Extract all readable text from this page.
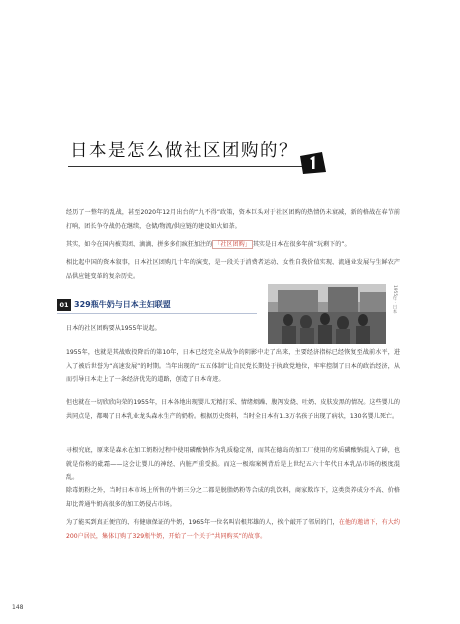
日本是怎么做社区团购的？

经历了一整年的乱战，甚至2020年12月出台的“九不得”政策，资本巨头对于社区团购的热情仍未衰减，新的格战在春节前打响，团长争夺战仍在继续，仓储/物流/供应链的建设如火如荼。

其实，如今在国内被美团、滴滴、拼多多们疯狂加注的 「社区团购」 其实是日本在很多年前“玩剩下的”。

相比起中国的资本叙事，日本社区团购几十年的演变，是一段关于消费者运动、女性自我价值实现、流通业发展与生鲜农产品供应链变革的复杂历史。

01 329瓶牛奶与日本主妇联盟	1955年 · 日本

日本的社区团购要从1955年说起。

1955年，也就是其战败投降后的第10年，日本已经完全从战争的阴影中走了出来，主要经济指标已经恢复至战前水平，进入了被后世誉为“高速发展”的时期。当年出现的“五五体制”让自民党长期处于执政党地位，牢牢控制了日本的政治经济，从而引导日本走上了一条经济优先的道路，创造了日本奇迹。

但也就在一切欣欣向荣的1955年，日本各地出现婴儿无精打采、情绪烦躁、腹泻发烧、吐奶、皮肤发黑的情况。这些婴儿的共同点是，都喝了日本乳业龙头森永生产的奶粉。根据历史资料，当时全日本有1.3万名孩子出现了病状，130名婴儿死亡。

寻根究底，原来是森永在加工奶粉过程中使用磷酸钠作为乳质稳定剂，而其在德岛的加工厂使用的劣质磷酸钠混入了砷，也就是俗称的砒霜——这会让婴儿的神经、内脏严重受损。而这一极端案例背后是上世纪五六十年代日本乳品市场的极度混乱。

除毒奶粉之外，当时日本市场上所售的牛奶三分之二都是脱脂奶粉等合成的乳饮料，商家欺诈下，这类货养成分不高、价格却比普通牛奶高很多的加工奶侵占市场。

为了能买到真正便宜的、有健康保证的牛奶，1965年一位名叫岩根邦雄的人，挨个敲开了邻居的门，在他的邀请下，有大约200户居民，集体订购了329瓶牛奶，开始了一个关于“共同购买”的故事。

148
